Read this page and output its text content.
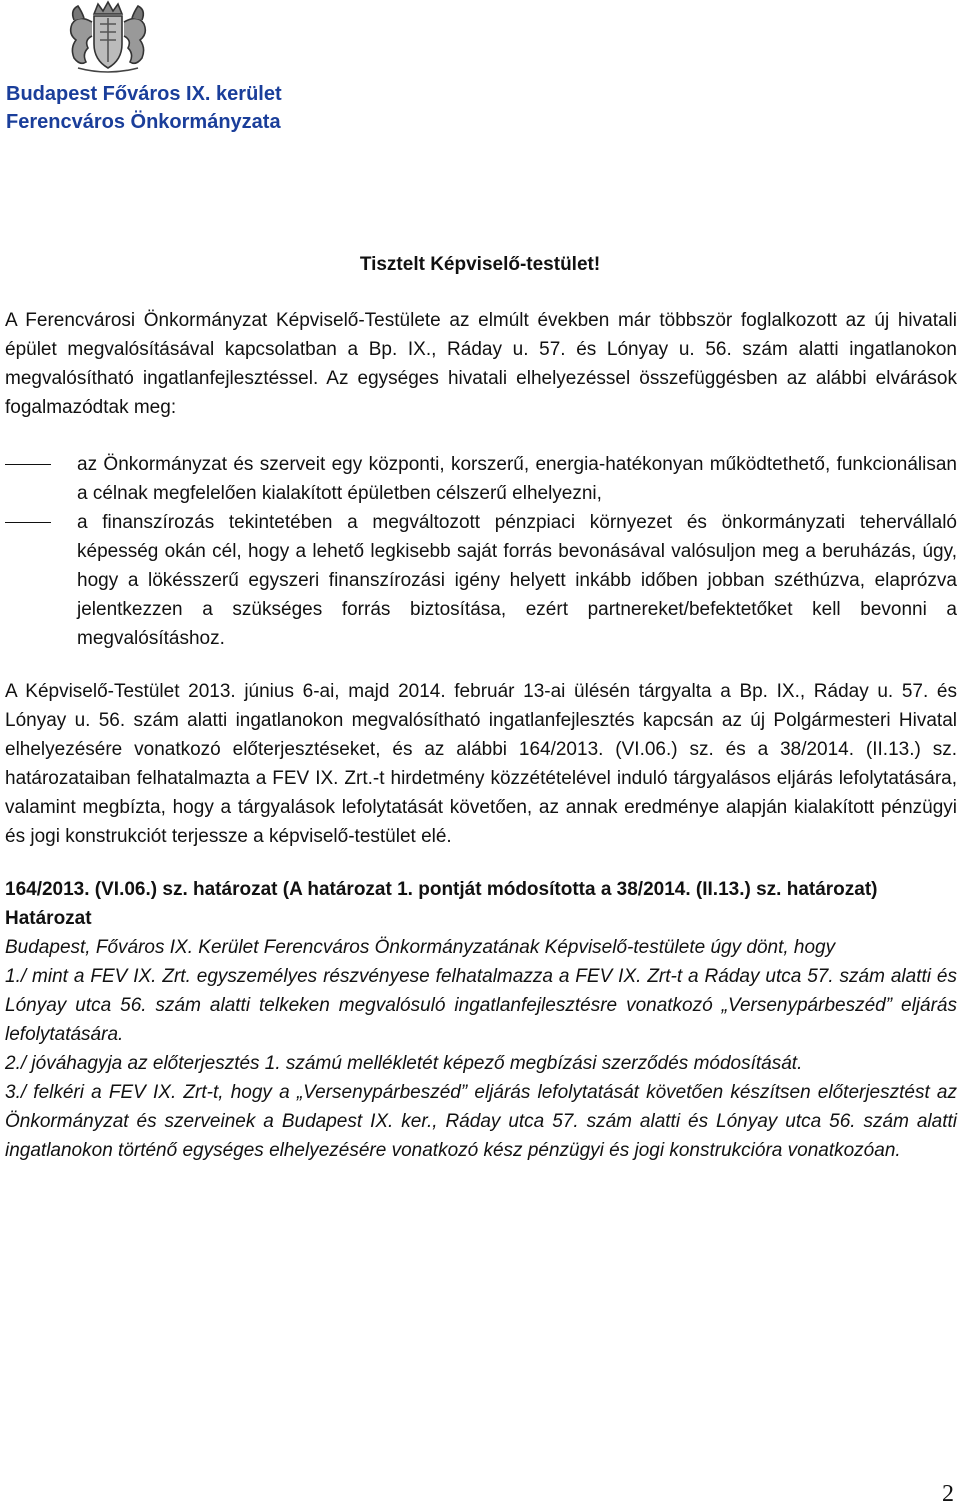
Budapest Főváros IX. kerület
Ferencváros Önkormányzata

Tisztelt Képviselő-testület!

A Ferencvárosi Önkormányzat Képviselő-Testülete az elmúlt években már többször foglalkozott az új hivatali épület megvalósításával kapcsolatban a Bp. IX., Ráday u. 57. és Lónyay u. 56. szám alatti ingatlanokon megvalósítható ingatlanfejlesztéssel. Az egységes hivatali elhelyezéssel összefüggésben az alábbi elvárások fogalmazódtak meg:

az Önkormányzat és szerveit egy központi, korszerű, energia-hatékonyan működtethető, funkcionálisan a célnak megfelelően kialakított épületben célszerű elhelyezni,
a finanszírozás tekintetében a megváltozott pénzpiaci környezet és önkormányzati tehervállaló képesség okán cél, hogy a lehető legkisebb saját forrás bevonásával valósuljon meg a beruházás, úgy, hogy a lökésszerű egyszeri finanszírozási igény helyett inkább időben jobban széthúzva, elaprózva jelentkezzen a szükséges forrás biztosítása, ezért partnereket/befektetőket kell bevonni a megvalósításhoz.

A Képviselő-Testület 2013. június 6-ai, majd 2014. február 13-ai ülésén tárgyalta a Bp. IX., Ráday u. 57. és Lónyay u. 56. szám alatti ingatlanokon megvalósítható ingatlanfejlesztés kapcsán az új Polgármesteri Hivatal elhelyezésére vonatkozó előterjesztéseket, és az alábbi 164/2013. (VI.06.) sz. és a 38/2014. (II.13.) sz. határozataiban felhatalmazta a FEV IX. Zrt.-t hirdetmény közzétételével induló tárgyalásos eljárás lefolytatására, valamint megbízta, hogy a tárgyalások lefolytatását követően, az annak eredménye alapján kialakított pénzügyi és jogi konstrukciót terjessze a képviselő-testület elé.

164/2013. (VI.06.) sz. határozat (A határozat 1. pontját módosította a 38/2014. (II.13.) sz. határozat)

Határozat

Budapest, Főváros IX. Kerület Ferencváros Önkormányzatának Képviselő-testülete úgy dönt, hogy

1./ mint a FEV IX. Zrt. egyszemélyes részvényese felhatalmazza a FEV IX. Zrt-t a Ráday utca 57. szám alatti és Lónyay utca 56. szám alatti telkeken megvalósuló ingatlanfejlesztésre vonatkozó „Versenypárbeszéd” eljárás lefolytatására.

2./ jóváhagyja az előterjesztés 1. számú mellékletét képező megbízási szerződés módosítását.

3./ felkéri a FEV IX. Zrt-t, hogy a „Versenypárbeszéd” eljárás lefolytatását követően készítsen előterjesztést az Önkormányzat és szerveinek a Budapest IX. ker., Ráday utca 57. szám alatti és Lónyay utca 56. szám alatti ingatlanokon történő egységes elhelyezésére vonatkozó kész pénzügyi és jogi konstrukcióra vonatkozóan.

2
